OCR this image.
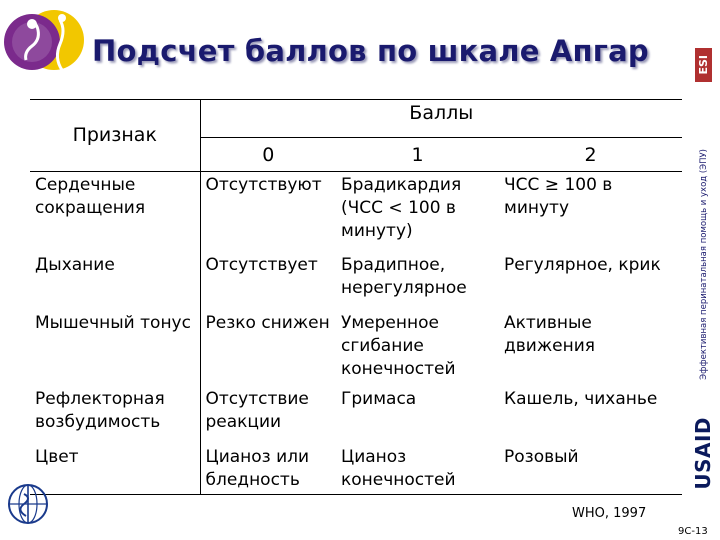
Подсчет баллов по шкале Апгар	ESI
Эффективная перинатальная помощь и уход (ЭПУ)
USAID
Признак	Баллы		
	0	1	2
Сердечные сокращения	Отсутствуют	Брадикардия (ЧСС < 100 в минуту)	ЧСС ≥ 100 в минуту
Дыхание	Отсутствует	Брадипное, нерегулярное	Регулярное, крик
Мышечный тонус	Резко снижен	Умеренное сгибание конечностей	Активные движения
Рефлекторная возбудимость	Отсутствие реакции	Гримаса	Кашель, чиханье
Цвет	Цианоз или бледность	Цианоз конечностей	Розовый
WHO, 1997
9C-13
